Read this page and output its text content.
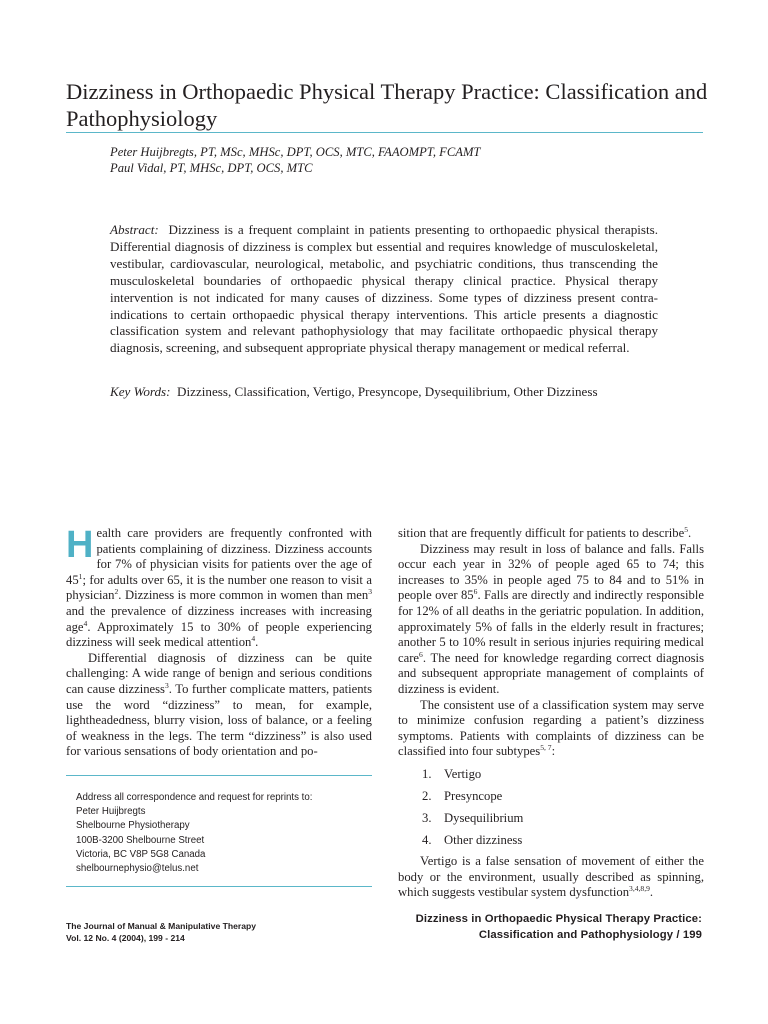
Dizziness in Orthopaedic Physical Therapy Practice: Classification and Pathophysiology
Peter Huijbregts, PT, MSc, MHSc, DPT, OCS, MTC, FAAOMPT, FCAMT
Paul Vidal, PT, MHSc, DPT, OCS, MTC
Abstract: Dizziness is a frequent complaint in patients presenting to orthopaedic physical therapists. Differential diagnosis of dizziness is complex but essential and requires knowledge of musculoskeletal, vestibular, cardiovascular, neurological, metabolic, and psychiatric conditions, thus transcending the musculoskeletal boundaries of orthopaedic physical therapy clinical practice. Physical therapy intervention is not indicated for many causes of dizziness. Some types of dizziness present contra-indications to certain orthopaedic physical therapy interventions. This article presents a diagnostic classification system and relevant pathophysiology that may facilitate orthopaedic physical therapy diagnosis, screening, and subsequent appropriate physical therapy management or medical referral.
Key Words: Dizziness, Classification, Vertigo, Presyncope, Dysequilibrium, Other Dizziness

Health care providers are frequently confronted with patients complaining of dizziness. Dizziness accounts for 7% of physician visits for patients over the age of $45^1$; for adults over 65, it is the number one reason to visit a physician$^2$. Dizziness is more common in women than men$^3$ and the prevalence of dizziness increases with increasing age$^4$. Approximately 15 to 30% of people experiencing dizziness will seek medical attention$^4$.

Differential diagnosis of dizziness can be quite challenging: A wide range of benign and serious conditions can cause dizziness$^3$. To further complicate matters, patients use the word “dizziness” to mean, for example, lightheadedness, blurry vision, loss of balance, or a feeling of weakness in the legs. The term “dizziness” is also used for various sensations of body orientation and po-

Address all correspondence and request for reprints to:
Peter Huijbregts
Shelbourne Physiotherapy
100B-3200 Shelbourne Street
Victoria, BC V8P 5G8 Canada
shelbournephysio@telus.net

sition that are frequently difficult for patients to describe$^5$.

Dizziness may result in loss of balance and falls. Falls occur each year in 32% of people aged 65 to 74; this increases to 35% in people aged 75 to 84 and to 51% in people over $85^6$. Falls are directly and indirectly responsible for 12% of all deaths in the geriatric population. In addition, approximately 5% of falls in the elderly result in fractures; another 5 to 10% result in serious injuries requiring medical care$^6$. The need for knowledge regarding correct diagnosis and subsequent appropriate management of complaints of dizziness is evident.

The consistent use of a classification system may serve to minimize confusion regarding a patient’s dizziness symptoms. Patients with complaints of dizziness can be classified into four subtypes$^{5, 7}$:

1. Vertigo
2. Presyncope
3. Dysequilibrium
4. Other dizziness

Vertigo is a false sensation of movement of either the body or the environment, usually described as spinning, which suggests vestibular system dysfunction$^{3,4,8,9}$.

The Journal of Manual & Manipulative Therapy
Vol. 12 No. 4 (2004), 199 - 214
Dizziness in Orthopaedic Physical Therapy Practice:
Classification and Pathophysiology / 199
